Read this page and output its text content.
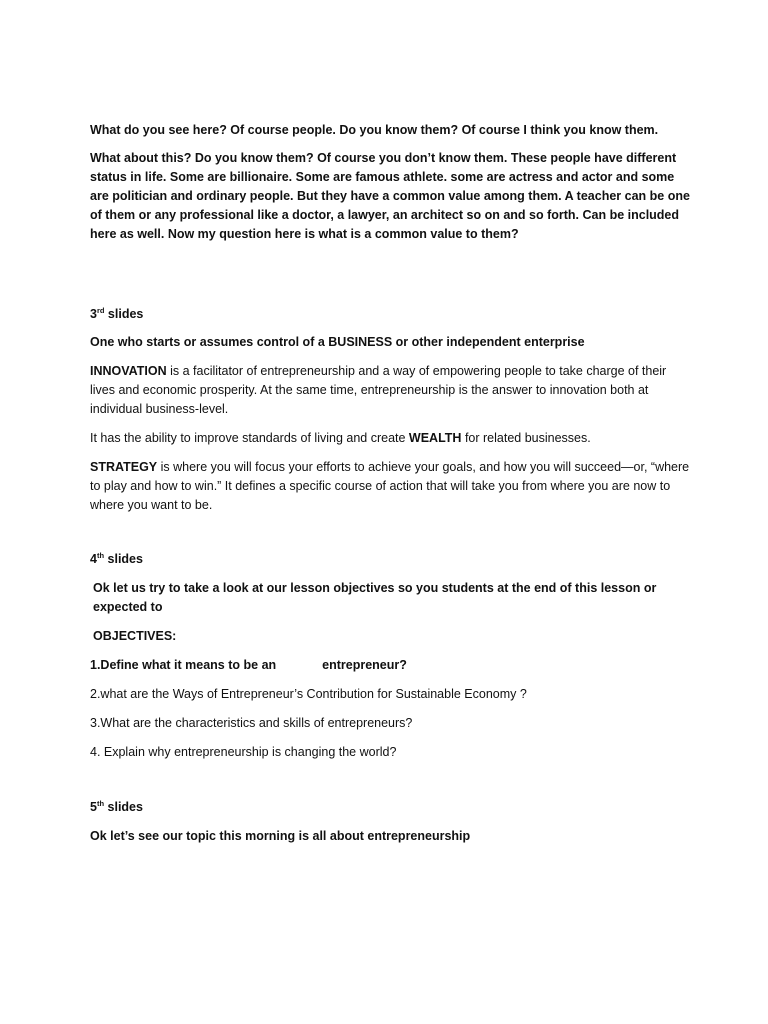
What do you see here? Of course people. Do you know them? Of course I think you know them.

What about this? Do you know them? Of course you don’t know them. These people have different status in life. Some are billionaire. Some are famous athlete. some are actress and actor and some are politician and ordinary people. But they have a common value among them. A teacher can be one of them or any professional like a doctor, a lawyer, an architect so on and so forth. Can be included here as well. Now my question here is what is a common value to them?

3rd slides

One who starts or assumes control of a BUSINESS or other independent enterprise

INNOVATION is a facilitator of entrepreneurship and a way of empowering people to take charge of their lives and economic prosperity. At the same time, entrepreneurship is the answer to innovation both at individual business-level.

It has the ability to improve standards of living and create WEALTH for related businesses.

STRATEGY is where you will focus your efforts to achieve your goals, and how you will succeed—or, “where to play and how to win.” It defines a specific course of action that will take you from where you are now to where you want to be.

4th slides

Ok let us try to take a look at our lesson objectives so you students at the end of this lesson or expected to

OBJECTIVES:

1.Define what it means to be an	entrepreneur?

2.what are the Ways of Entrepreneur’s Contribution for Sustainable Economy ?

3.What are the characteristics and skills of entrepreneurs?

4. Explain why entrepreneurship is changing the world?

5th slides

Ok let’s see our topic this morning is all about entrepreneurship
